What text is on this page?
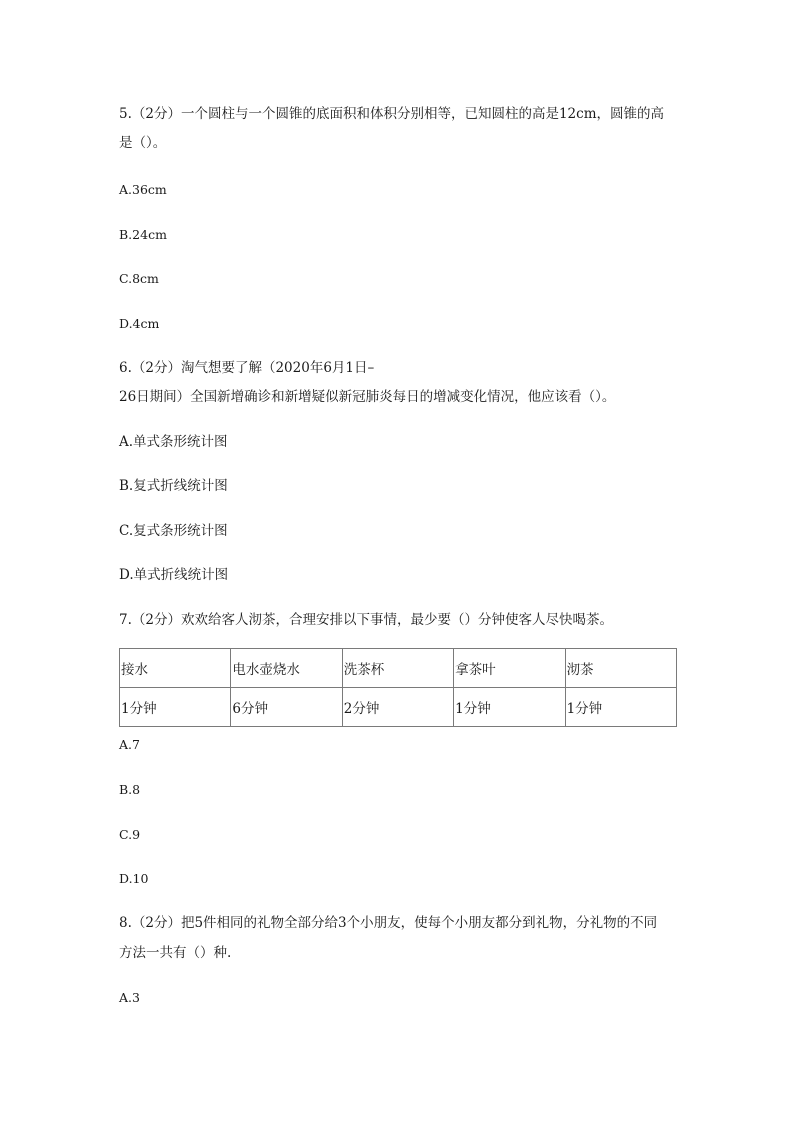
5.（2分）一个圆柱与一个圆锥的底面积和体积分别相等，已知圆柱的高是12cm，圆锥的高
是（）。
A.36cm
B.24cm
C.8cm
D.4cm
6.（2分）淘气想要了解（2020年6月1日–
26日期间）全国新增确诊和新增疑似新冠肺炎每日的增减变化情况，他应该看（）。
A.单式条形统计图
B.复式折线统计图
C.复式条形统计图
D.单式折线统计图
7.（2分）欢欢给客人沏茶，合理安排以下事情，最少要（）分钟使客人尽快喝茶。
接水	电水壶烧水	洗茶杯	拿茶叶	沏茶
1分钟	6分钟	2分钟	1分钟	1分钟
A.7
B.8
C.9
D.10
8.（2分）把5件相同的礼物全部分给3个小朋友，使每个小朋友都分到礼物，分礼物的不同
方法一共有（）种.
A.3
